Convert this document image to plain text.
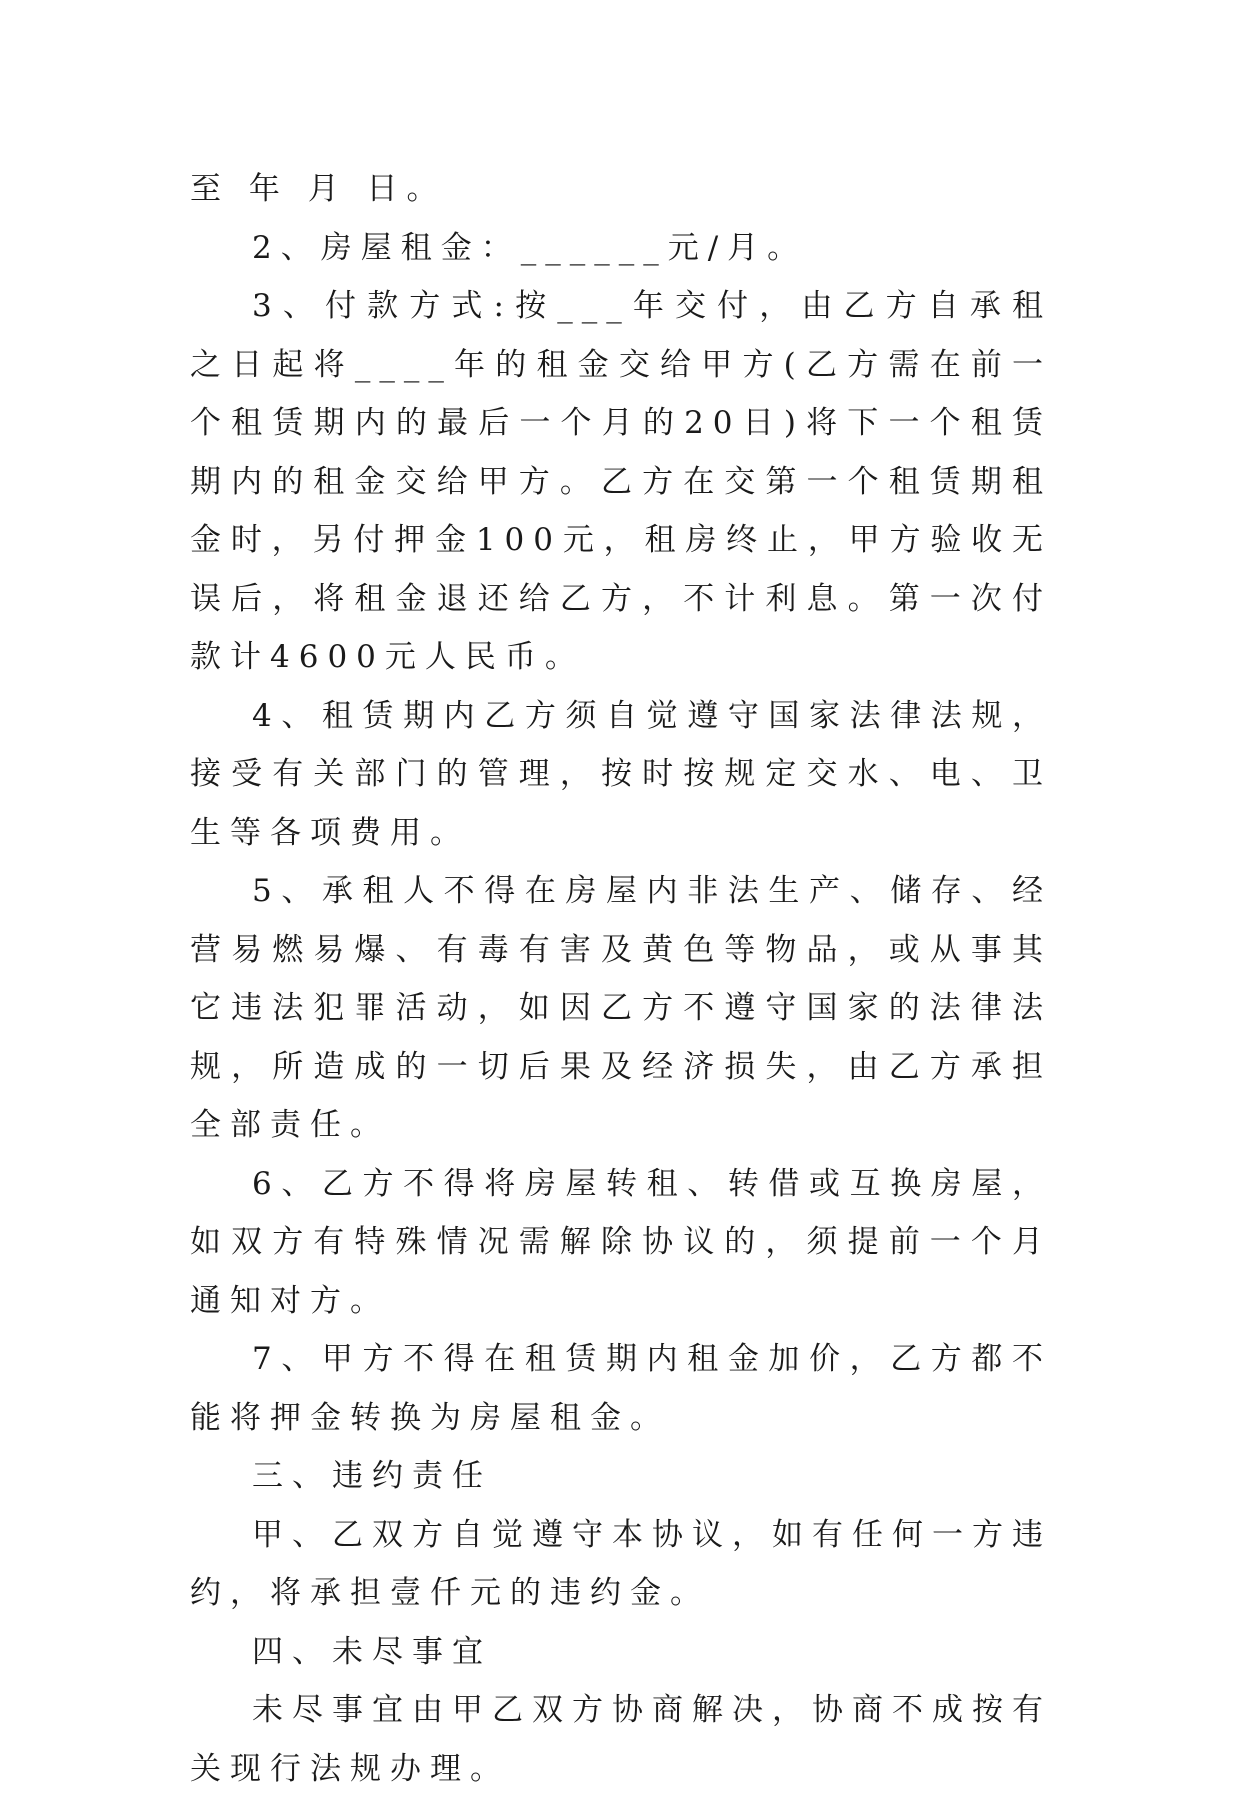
至 年 月 日。

2、房屋租金：______元/月。

3、付款方式:按___年交付，由乙方自承租之日起将____年的租金交给甲方(乙方需在前一个租赁期内的最后一个月的20日)将下一个租赁期内的租金交给甲方。乙方在交第一个租赁期租金时，另付押金100元，租房终止，甲方验收无误后，将租金退还给乙方，不计利息。第一次付款计4600元人民币。

4、租赁期内乙方须自觉遵守国家法律法规，接受有关部门的管理，按时按规定交水、电、卫生等各项费用。

5、承租人不得在房屋内非法生产、储存、经营易燃易爆、有毒有害及黄色等物品，或从事其它违法犯罪活动，如因乙方不遵守国家的法律法规，所造成的一切后果及经济损失，由乙方承担全部责任。

6、乙方不得将房屋转租、转借或互换房屋，如双方有特殊情况需解除协议的，须提前一个月通知对方。

7、甲方不得在租赁期内租金加价，乙方都不能将押金转换为房屋租金。

三、违约责任

甲、乙双方自觉遵守本协议，如有任何一方违约，将承担壹仟元的违约金。

四、未尽事宜

未尽事宜由甲乙双方协商解决，协商不成按有关现行法规办理。
